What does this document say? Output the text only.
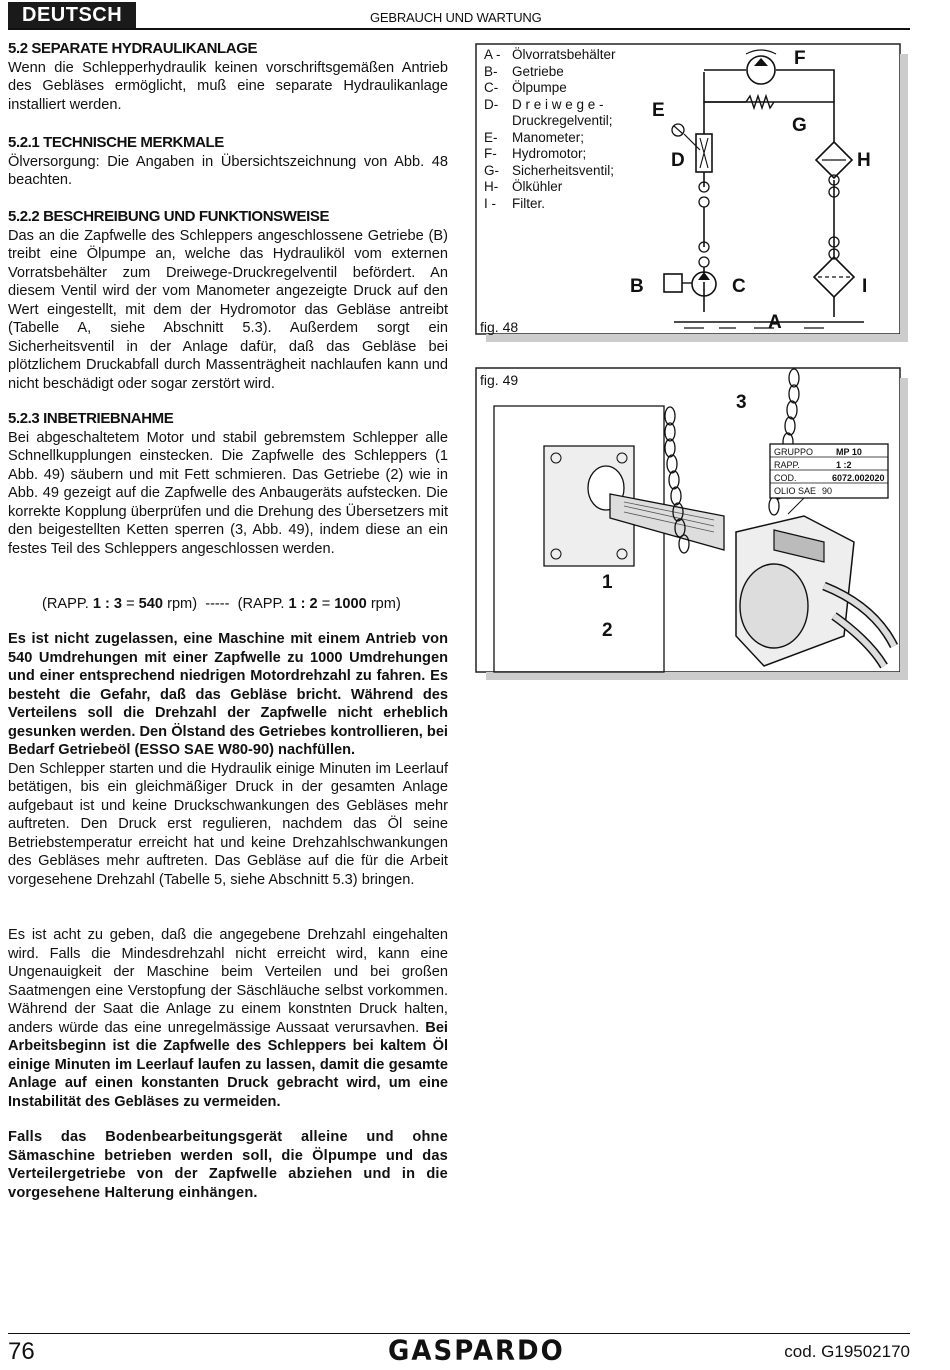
DEUTSCH	GEBRAUCH UND WARTUNG
5.2 SEPARATE HYDRAULIKANLAGE

Wenn die Schlepperhydraulik keinen vorschriftsgemäßen Antrieb des Gebläses ermöglicht, muß eine separate Hydraulikanlage installiert werden.

5.2.1 TECHNISCHE MERKMALE

Ölversorgung: Die Angaben in Übersichtszeichnung von Abb. 48 beachten.

5.2.2 BESCHREIBUNG UND FUNKTIONSWEISE

Das an die Zapfwelle des Schleppers angeschlossene Getriebe (B) treibt eine Ölpumpe an, welche das Hydrauliköl vom externen Vorratsbehälter zum Dreiwege-Druckregelventil befördert. An diesem Ventil wird der vom Manometer angezeigte Druck auf den Wert eingestellt, mit dem der Hydromotor das Gebläse antreibt (Tabelle A, siehe Abschnitt 5.3). Außerdem sorgt ein Sicherheitsventil in der Anlage dafür, daß das Gebläse bei plötzlichem Druckabfall durch Massenträgheit nachlaufen kann und nicht beschädigt oder sogar zerstört wird.

5.2.3 INBETRIEBNAHME

Bei abgeschaltetem Motor und stabil gebremstem Schlepper alle Schnellkupplungen einstecken. Die Zapfwelle des Schleppers (1 Abb. 49) säubern und mit Fett schmieren. Das Getriebe (2) wie in Abb. 49 gezeigt auf die Zapfwelle des Anbaugeräts aufstecken. Die korrekte Kopplung überprüfen und die Drehung des Übersetzers mit den beigestellten Ketten sperren (3, Abb. 49), indem diese an ein festes Teil des Schleppers angeschlossen werden.

(RAPP. 1 : 3 = 540 rpm)  -----  (RAPP. 1 : 2 = 1000 rpm)

Es ist nicht zugelassen, eine Maschine mit einem Antrieb von 540 Umdrehungen mit einer Zapfwelle zu 1000 Umdrehungen und einer entsprechend niedrigen Motordrehzahl zu fahren. Es besteht die Gefahr, daß das Gebläse bricht. Während des Verteilens soll die Drehzahl der Zapfwelle nicht erheblich gesunken werden. Den Ölstand des Getriebes kontrollieren, bei Bedarf Getriebeöl (ESSO SAE W80-90) nachfüllen.

Den Schlepper starten und die Hydraulik einige Minuten im Leerlauf betätigen, bis ein gleichmäßiger Druck in der gesamten Anlage aufgebaut ist und keine Druckschwankungen des Gebläses mehr auftreten. Den Druck erst regulieren, nachdem das Öl seine Betriebstemperatur erreicht hat und keine Drehzahlschwankungen des Gebläses mehr auftreten. Das Gebläse auf die für die Arbeit vorgesehene Drehzahl (Tabelle 5, siehe Abschnitt 5.3) bringen.

Es ist acht zu geben, daß die angegebene Drehzahl eingehalten wird. Falls die Mindesdrehzahl nicht erreicht wird, kann eine Ungenauigkeit der Maschine beim Verteilen und bei großen Saatmengen eine Verstopfung der Säschläuche selbst vorkommen. Während der Saat die Anlage zu einem konstnten Druck halten, anders würde das eine unregelmässige Aussaat verursavhen. Bei Arbeitsbeginn ist die Zapfwelle des Schleppers bei kaltem Öl einige Minuten im Leerlauf laufen zu lassen, damit die gesamte Anlage auf einen konstanten Druck gebracht wird, um eine Instabilität des Gebläses zu vermeiden.

Falls das Bodenbearbeitungsgerät alleine und ohne Sämaschine betrieben werden soll, die Ölpumpe und das Verteilergetriebe von der Zapfwelle abziehen und in die vorgesehene Halterung einhängen.

F
G
E
D	H
B	C	I
A
fig. 48
A - Ölvorratsbehälter
B-	Getriebe
C-	Ölpumpe
D-	D r e i w e g e -
Druckregelventil;
E-	Manometer;
F-	Hydromotor;
G- Sicherheitsventil;
H-	Ölkühler
I -	Filter.
fig. 49
GRUPPO	MP 10
RAPP.	1 :2
COD.	6072.002020
OLIO SAE 90
3
1
2
76	GASPARDO	cod. G19502170
